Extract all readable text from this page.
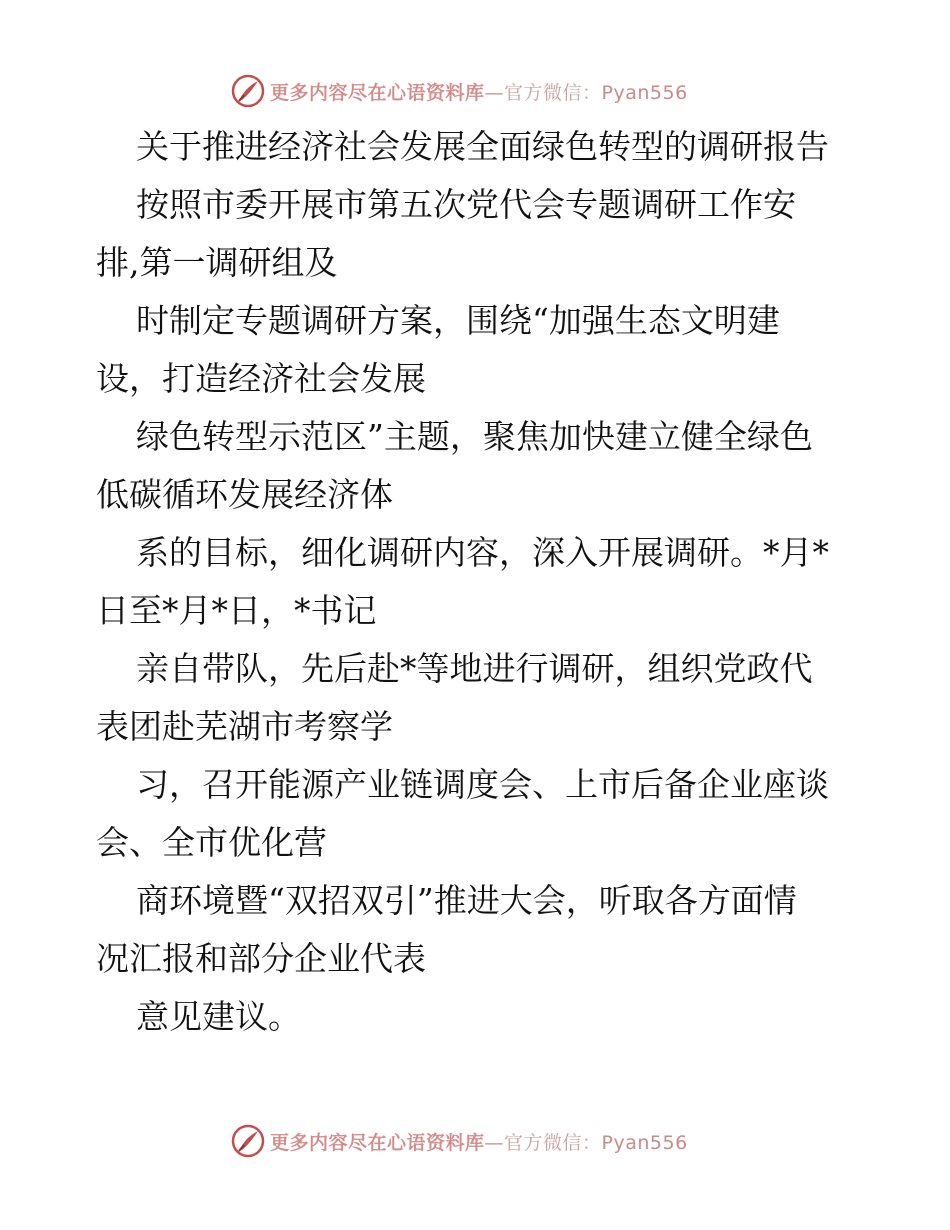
更多内容尽在心语资料库—官方微信：Pyan556
关于推进经济社会发展全面绿色转型的调研报告
按照市委开展市第五次党代会专题调研工作安
排,第一调研组及
时制定专题调研方案，围绕“加强生态文明建
设，打造经济社会发展
绿色转型示范区”主题，聚焦加快建立健全绿色
低碳循环发展经济体
系的目标，细化调研内容，深入开展调研。*月*
日至*月*日，*书记
亲自带队，先后赴*等地进行调研，组织党政代
表团赴芜湖市考察学
习，召开能源产业链调度会、上市后备企业座谈
会、全市优化营
商环境暨“双招双引”推进大会，听取各方面情
况汇报和部分企业代表
意见建议。
更多内容尽在心语资料库—官方微信：Pyan556
